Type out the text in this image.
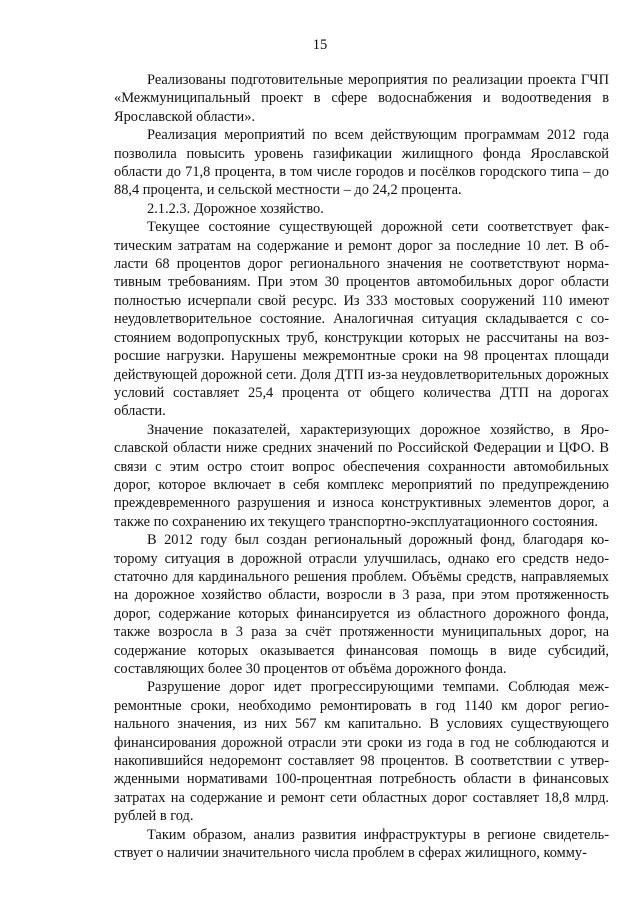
15

Реализованы подготовительные мероприятия по реализации проекта ГЧП «Межмуниципальный проект в сфере водоснабжения и водоотведения в Ярославской области».

Реализация мероприятий по всем действующим программам 2012 года позволила повысить уровень газификации жилищного фонда Ярославской области до 71,8 процента, в том числе городов и посёлков городского типа – до 88,4 процента, и сельской местности – до 24,2 процента.

2.1.2.3. Дорожное хозяйство.

Текущее состояние существующей дорожной сети соответствует фактическим затратам на содержание и ремонт дорог за последние 10 лет. В области 68 процентов дорог регионального значения не соответствуют нормативным требованиям. При этом 30 процентов автомобильных дорог области полностью исчерпали свой ресурс. Из 333 мостовых сооружений 110 имеют неудовлетворительное состояние. Аналогичная ситуация складывается с состоянием водопропускных труб, конструкции которых не рассчитаны на возросшие нагрузки. Нарушены межремонтные сроки на 98 процентах площади действующей дорожной сети. Доля ДТП из-за неудовлетворительных дорожных условий составляет 25,4 процента от общего количества ДТП на дорогах области.

Значение показателей, характеризующих дорожное хозяйство, в Ярославской области ниже средних значений по Российской Федерации и ЦФО. В связи с этим остро стоит вопрос обеспечения сохранности автомобильных дорог, которое включает в себя комплекс мероприятий по предупреждению преждевременного разрушения и износа конструктивных элементов дорог, а также по сохранению их текущего транспортно-эксплуатационного состояния.

В 2012 году был создан региональный дорожный фонд, благодаря которому ситуация в дорожной отрасли улучшилась, однако его средств недостаточно для кардинального решения проблем. Объёмы средств, направляемых на дорожное хозяйство области, возросли в 3 раза, при этом протяженность дорог, содержание которых финансируется из областного дорожного фонда, также возросла в 3 раза за счёт протяженности муниципальных дорог, на содержание которых оказывается финансовая помощь в виде субсидий, составляющих более 30 процентов от объёма дорожного фонда.

Разрушение дорог идет прогрессирующими темпами. Соблюдая межремонтные сроки, необходимо ремонтировать в год 1140 км дорог регионального значения, из них 567 км капитально. В условиях существующего финансирования дорожной отрасли эти сроки из года в год не соблюдаются и накопившийся недоремонт составляет 98 процентов. В соответствии с утвержденными нормативами 100-процентная потребность области в финансовых затратах на содержание и ремонт сети областных дорог составляет 18,8 млрд. рублей в год.

Таким образом, анализ развития инфраструктуры в регионе свидетельствует о наличии значительного числа проблем в сферах жилищного, комму-
